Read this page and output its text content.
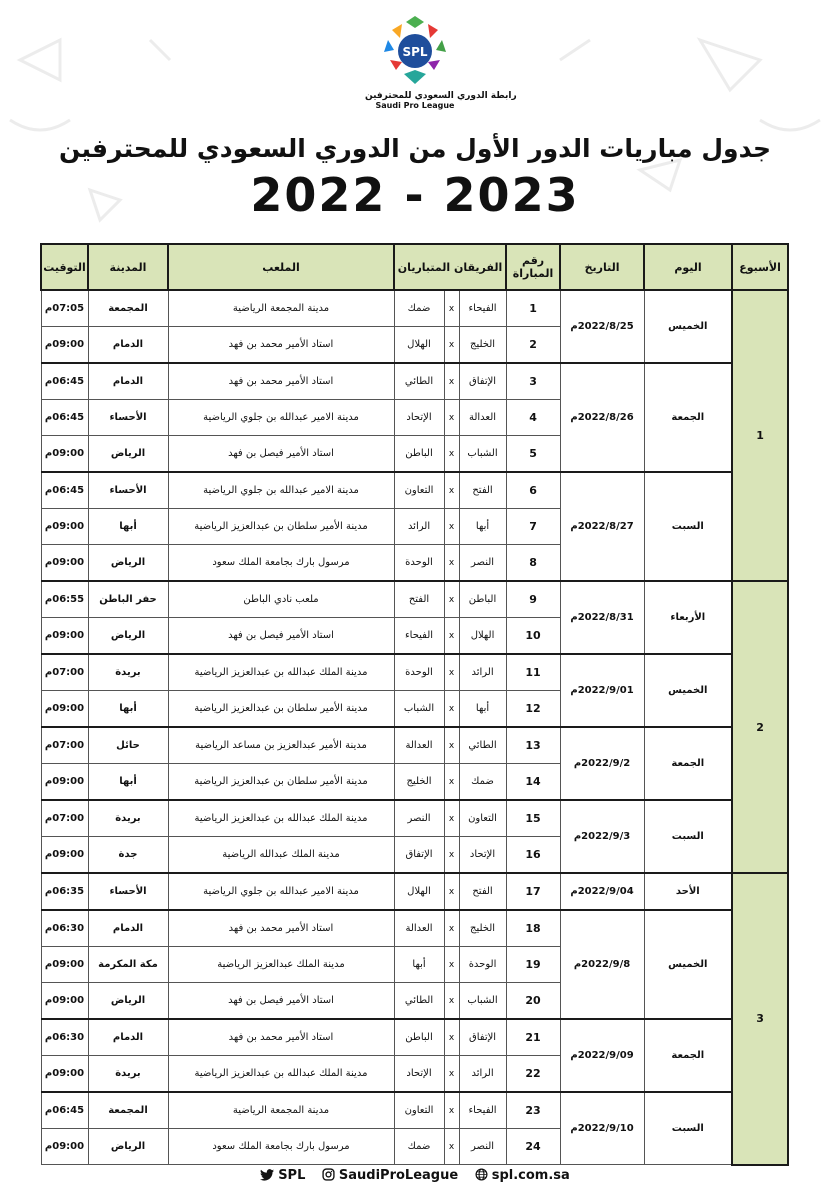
SPL
رابطة الدوري السعودي للمحترفين
Saudi Pro League
جدول مباريات الدور الأول من الدوري السعودي للمحترفين
2022 - 2023
الأسبوع	اليوم	التاريخ	رقم المباراة	الفريقان المتباريان			الملعب	المدينة	التوقيت
1	الخميس	2022/8/25م	1	الفيحاء	x	ضمك	مدينة المجمعة الرياضية	المجمعة	07:05م
			2	الخليج	x	الهلال	استاد الأمير محمد بن فهد	الدمام	09:00م
	الجمعة	2022/8/26م	3	الإتفاق	x	الطائي	استاد الأمير محمد بن فهد	الدمام	06:45م
			4	العدالة	x	الإتحاد	مدينة الامير عبدالله بن جلوي الرياضية	الأحساء	06:45م
			5	الشباب	x	الباطن	استاد الأمير فيصل بن فهد	الرياض	09:00م
	السبت	2022/8/27م	6	الفتح	x	التعاون	مدينة الامير عبدالله بن جلوي الرياضية	الأحساء	06:45م
			7	أبها	x	الرائد	مدينة الأمير سلطان بن عبدالعزيز الرياضية	أبها	09:00م
			8	النصر	x	الوحدة	مرسول بارك بجامعة الملك سعود	الرياض	09:00م
2	الأربعاء	2022/8/31م	9	الباطن	x	الفتح	ملعب نادي الباطن	حفر الباطن	06:55م
			10	الهلال	x	الفيحاء	استاد الأمير فيصل بن فهد	الرياض	09:00م
	الخميس	2022/9/01م	11	الرائد	x	الوحدة	مدينة الملك عبدالله بن عبدالعزيز الرياضية	بريدة	07:00م
			12	أبها	x	الشباب	مدينة الأمير سلطان بن عبدالعزيز الرياضية	أبها	09:00م
	الجمعة	2022/9/2م	13	الطائي	x	العدالة	مدينة الأمير عبدالعزيز بن مساعد الرياضية	حائل	07:00م
			14	ضمك	x	الخليج	مدينة الأمير سلطان بن عبدالعزيز الرياضية	أبها	09:00م
	السبت	2022/9/3م	15	التعاون	x	النصر	مدينة الملك عبدالله بن عبدالعزيز الرياضية	بريدة	07:00م
			16	الإتحاد	x	الإتفاق	مدينة الملك عبدالله الرياضية	جدة	09:00م
3	الأحد	2022/9/04م	17	الفتح	x	الهلال	مدينة الامير عبدالله بن جلوي الرياضية	الأحساء	06:35م
	الخميس	2022/9/8م	18	الخليج	x	العدالة	استاد الأمير محمد بن فهد	الدمام	06:30م
			19	الوحدة	x	أبها	مدينة الملك عبدالعزيز الرياضية	مكة المكرمة	09:00م
			20	الشباب	x	الطائي	استاد الأمير فيصل بن فهد	الرياض	09:00م
	الجمعة	2022/9/09م	21	الإتفاق	x	الباطن	استاد الأمير محمد بن فهد	الدمام	06:30م
			22	الرائد	x	الإتحاد	مدينة الملك عبدالله بن عبدالعزيز الرياضية	بريدة	09:00م
	السبت	2022/9/10م	23	الفيحاء	x	التعاون	مدينة المجمعة الرياضية	المجمعة	06:45م
			24	النصر	x	ضمك	مرسول بارك بجامعة الملك سعود	الرياض	09:00م
SPL	SaudiProLeague	spl.com.sa
